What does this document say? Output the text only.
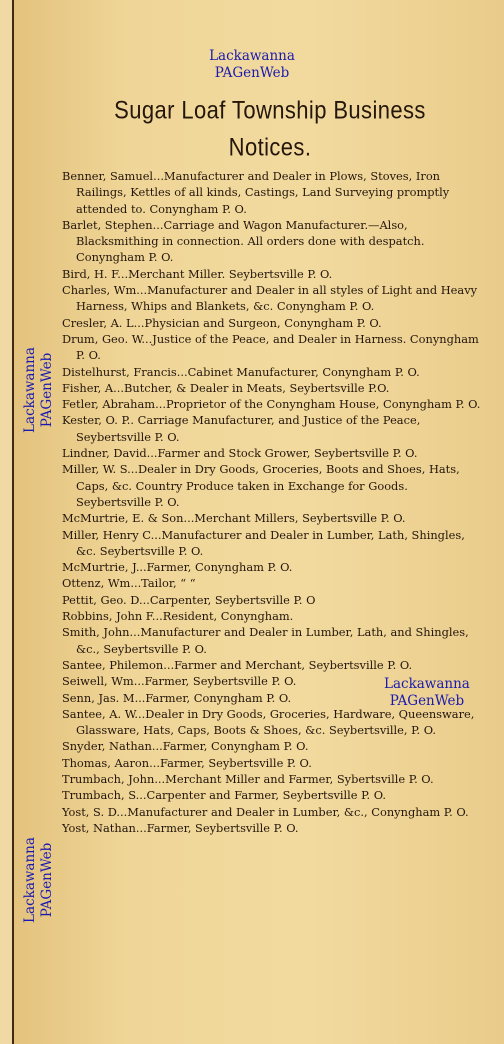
Lackawanna
PAGenWeb
Sugar Loaf Township Business
Notices.
Benner, Samuel...Manufacturer and Dealer in Plows, Stoves, Iron Railings, Kettles of all kinds, Castings, Land Surveying promptly attended to. Conyngham P. O.
Barlet, Stephen...Carriage and Wagon Manufacturer.—Also, Blacksmithing in connection. All orders done with despatch. Conyngham P. O.
Bird, H. F...Merchant Miller. Seybertsville P. O.
Charles, Wm...Manufacturer and Dealer in all styles of Light and Heavy Harness, Whips and Blankets, &c. Conyngham P. O.
Cresler, A. L...Physician and Surgeon, Conyngham P. O.
Drum, Geo. W...Justice of the Peace, and Dealer in Harness. Conyngham P. O.
Distelhurst, Francis...Cabinet Manufacturer, Conyngham P. O.
Fisher, A...Butcher, & Dealer in Meats, Seybertsville P.O.
Fetler, Abraham...Proprietor of the Conyngham House, Conyngham P. O.
Kester, O. P.. Carriage Manufacturer, and Justice of the Peace, Seybertsville P. O.
Lindner, David...Farmer and Stock Grower, Seybertsville P. O.
Miller, W. S...Dealer in Dry Goods, Groceries, Boots and Shoes, Hats, Caps, &c. Country Produce taken in Exchange for Goods. Seybertsville P. O.
McMurtrie, E. & Son...Merchant Millers, Seybertsville P. O.
Miller, Henry C...Manufacturer and Dealer in Lumber, Lath, Shingles, &c. Seybertsville P. O.
McMurtrie, J...Farmer, Conyngham P. O.
Ottenz, Wm...Tailor, “ “
Pettit, Geo. D...Carpenter, Seybertsville P. O
Robbins, John F...Resident, Conyngham.
Smith, John...Manufacturer and Dealer in Lumber, Lath, and Shingles, &c., Seybertsville P. O.
Santee, Philemon...Farmer and Merchant, Seybertsville P. O.
Seiwell, Wm...Farmer, Seybertsville P. O.
Senn, Jas. M...Farmer, Conyngham P. O.
Santee, A. W...Dealer in Dry Goods, Groceries, Hardware, Queensware, Glassware, Hats, Caps, Boots & Shoes, &c. Seybertsville, P. O.
Snyder, Nathan...Farmer, Conyngham P. O.
Thomas, Aaron...Farmer, Seybertsville P. O.
Trumbach, John...Merchant Miller and Farmer, Sybertsville P. O.
Trumbach, S...Carpenter and Farmer, Seybertsville P. O.
Yost, S. D...Manufacturer and Dealer in Lumber, &c., Conyngham P. O.
Yost, Nathan...Farmer, Seybertsville P. O.
Lackawanna
PAGenWeb
Lackawanna PAGenWeb
Lackawanna PAGenWeb
